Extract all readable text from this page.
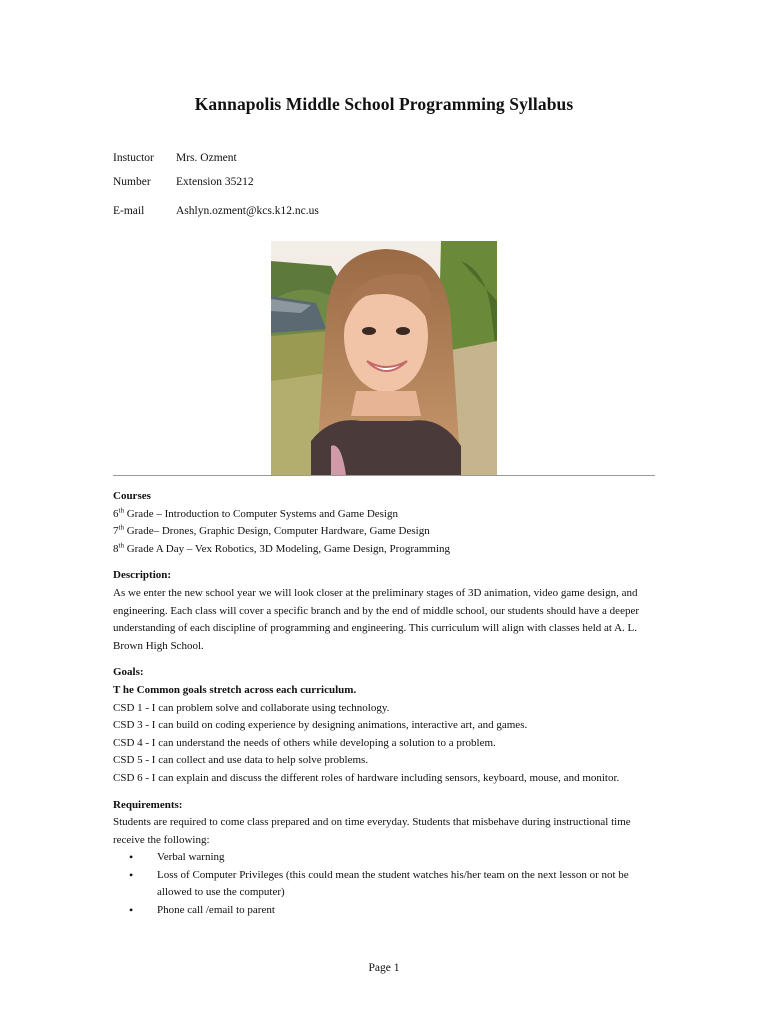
Kannapolis Middle School Programming Syllabus
Instuctor Mrs. Ozment
Number Extension 35212
E-mail	Ashlyn.ozment@kcs.k12.nc.us

Courses

6th Grade – Introduction to Computer Systems and Game Design

7th Grade– Drones, Graphic Design, Computer Hardware, Game Design

8th Grade A Day – Vex Robotics, 3D Modeling, Game Design, Programming

Description:

As we enter the new school year we will look closer at the preliminary stages of 3D animation, video game design, and

engineering. Each class will cover a specific branch and by the end of middle school, our students should have a deeper

understanding of each discipline of programming and engineering. This curriculum will align with classes held at A. L.

Brown High School.

Goals:

T he Common goals stretch across each curriculum.

CSD 1 - I can problem solve and collaborate using technology.

CSD 3 - I can build on coding experience by designing animations, interactive art, and games.

CSD 4 - I can understand the needs of others while developing a solution to a problem.

CSD 5 - I can collect and use data to help solve problems.

CSD 6 - I can explain and discuss the different roles of hardware including sensors, keyboard, mouse, and monitor.

Requirements:

Students are required to come class prepared and on time everyday. Students that misbehave during instructional time

receive the following:

• Verbal warning
• Loss of Computer Privileges (this could mean the student watches his/her team on the next lesson or not be allowed to use the computer)
• Phone call /email to parent
Page 1
